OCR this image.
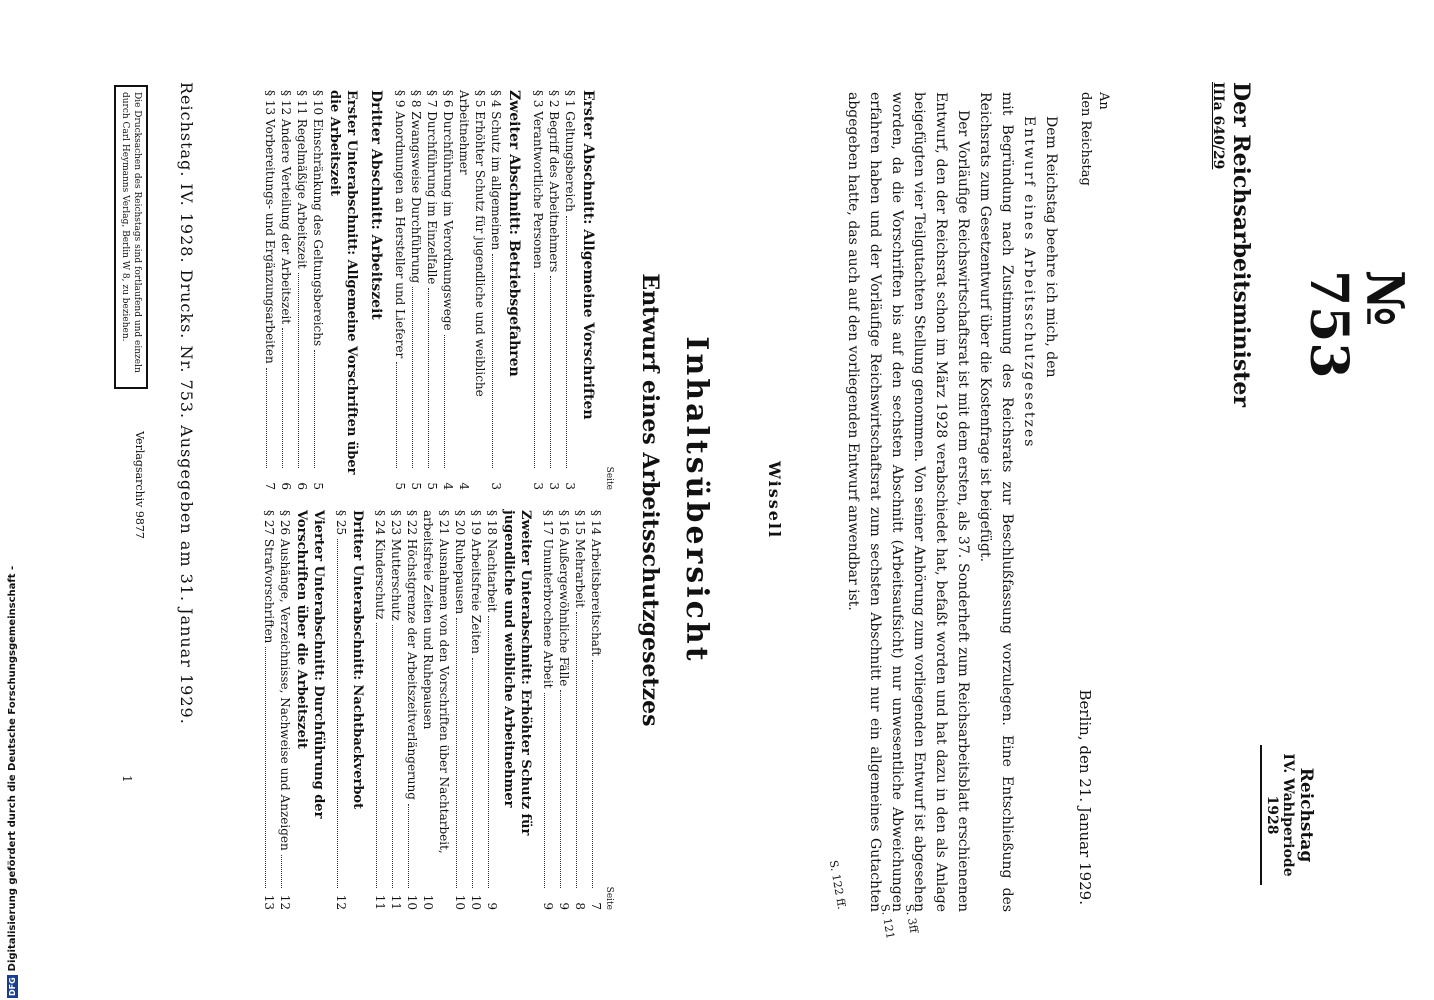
Reichstag
IV. Wahlperiode
1928
№ 753
Der Reichsarbeitsminister
IIIa 640/29
Berlin, den 21. Januar 1929.
An
den Reichstag
Dem Reichstag beehre ich mich, den
Entwurf eines Arbeitsschutzgesetzes
mit Begründung nach Zustimmung des Reichsrats zur Beschlußfassung vorzulegen. Eine Entschließung des Reichsrats zum Gesetzentwurf über die Kostenfrage ist beigefügt.
Der Vorläufige Reichswirtschaftsrat ist mit dem ersten, als 37. Sonderheft zum Reichsarbeitsblatt erschienenen Entwurf, den der Reichsrat schon im März 1928 verabschiedet hat, befaßt worden und hat dazu in den als Anlage beigefügten vier Teilgutachten Stellung genommen. Von seiner Anhörung zum vorliegenden Entwurf ist abgesehen worden, da die Vorschriften bis auf den sechsten Abschnitt (Arbeitsaufsicht) nur unwesentliche Abweichungen erfahren haben und der Vorläufige Reichswirtschaftsrat zum sechsten Abschnitt nur ein allgemeines Gutachten abgegeben hatte, das auch auf den vorliegenden Entwurf anwendbar ist.
Wissell
S. 3ff
S. 121
S. 122 ff.
Inhaltsübersicht
Entwurf eines Arbeitsschutzgesetzes
Seite
Erster Abschnitt: Allgemeine Vorschriften
§ 1 Geltungsbereich
3
§ 2 Begriff des Arbeitnehmers
3
§ 3 Verantwortliche Personen
3
Zweiter Abschnitt: Betriebsgefahren
§ 4 Schutz im allgemeinen
3
§ 5 Erhöhter Schutz für jugendliche und weibliche Arbeitnehmer
4
§ 6 Durchführung im Verordnungswege
4
§ 7 Durchführung im Einzelfalle
5
§ 8 Zwangsweise Durchführung
5
§ 9 Anordnungen an Hersteller und Lieferer
5
Dritter Abschnitt: Arbeitszeit
Erster Unterabschnitt: Allgemeine Vorschriften über die Arbeitszeit
§ 10 Einschränkung des Geltungsbereichs
5
§ 11 Regelmäßige Arbeitszeit
6
§ 12 Andere Verteilung der Arbeitszeit
6
§ 13 Vorbereitungs- und Ergänzungsarbeiten
7
Seite
§ 14 Arbeitsbereitschaft
7
§ 15 Mehrarbeit
8
§ 16 Außergewöhnliche Fälle
9
§ 17 Ununterbrochene Arbeit
9
Zweiter Unterabschnitt: Erhöhter Schutz für jugendliche und weibliche Arbeitnehmer
§ 18 Nachtarbeit
9
§ 19 Arbeitsfreie Zeiten
10
§ 20 Ruhepausen
10
§ 21 Ausnahmen von den Vorschriften über Nachtarbeit, arbeitsfreie Zeiten und Ruhepausen
10
§ 22 Höchstgrenze der Arbeitszeitverlängerung
10
§ 23 Mutterschutz
11
§ 24 Kinderschutz
11
Dritter Unterabschnitt: Nachtbackverbot
§ 25
12
Vierter Unterabschnitt: Durchführung der Vorschriften über die Arbeitszeit
§ 26 Aushänge, Verzeichnisse, Nachweise und Anzeigen
12
§ 27 Strafvorschriften
13
Die Drucksachen des Reichstags sind fortlaufend und einzeln durch Carl Heymanns Verlag, Berlin W 8, zu beziehen.	Reichstag. IV. 1928. Drucks. Nr. 753. Ausgegeben am 31. Januar 1929.
Verlagsarchiv 9877
1
DFG
Digitalisierung gefördert durch die Deutsche Forschungsgemeinschaft -
